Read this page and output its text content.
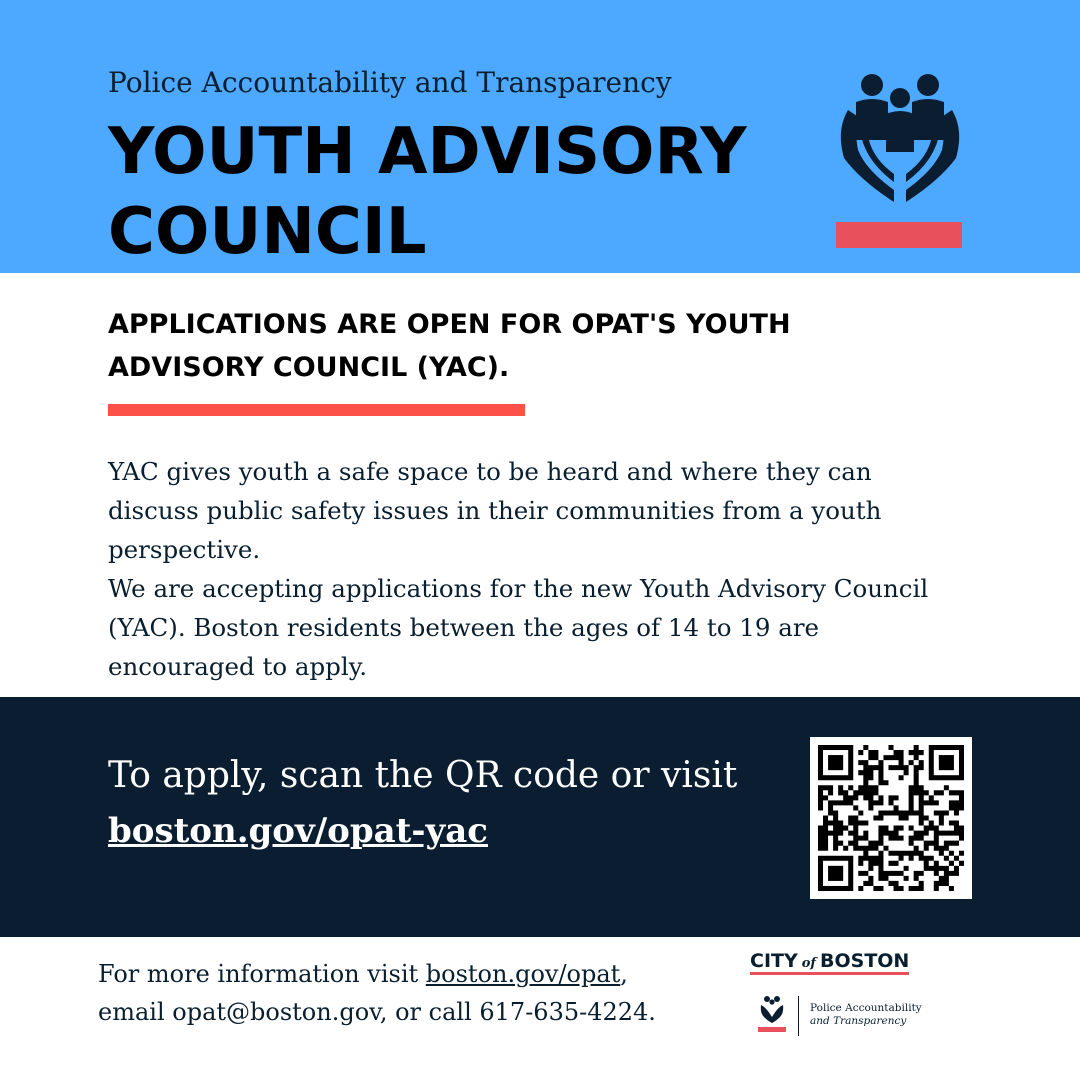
Police Accountability and Transparency
YOUTH ADVISORY
COUNCIL
APPLICATIONS ARE OPEN FOR OPAT'S YOUTH
ADVISORY COUNCIL (YAC).
YAC gives youth a safe space to be heard and where they can
discuss public safety issues in their communities from a youth
perspective.
We are accepting applications for the new Youth Advisory Council
(YAC). Boston residents between the ages of 14 to 19 are
encouraged to apply.
To apply, scan the QR code or visit
boston.gov/opat-yac
For more information visit boston.gov/opat,
email opat@boston.gov, or call 617-635-4224.
CITY of BOSTON
Police Accountability
and Transparency
